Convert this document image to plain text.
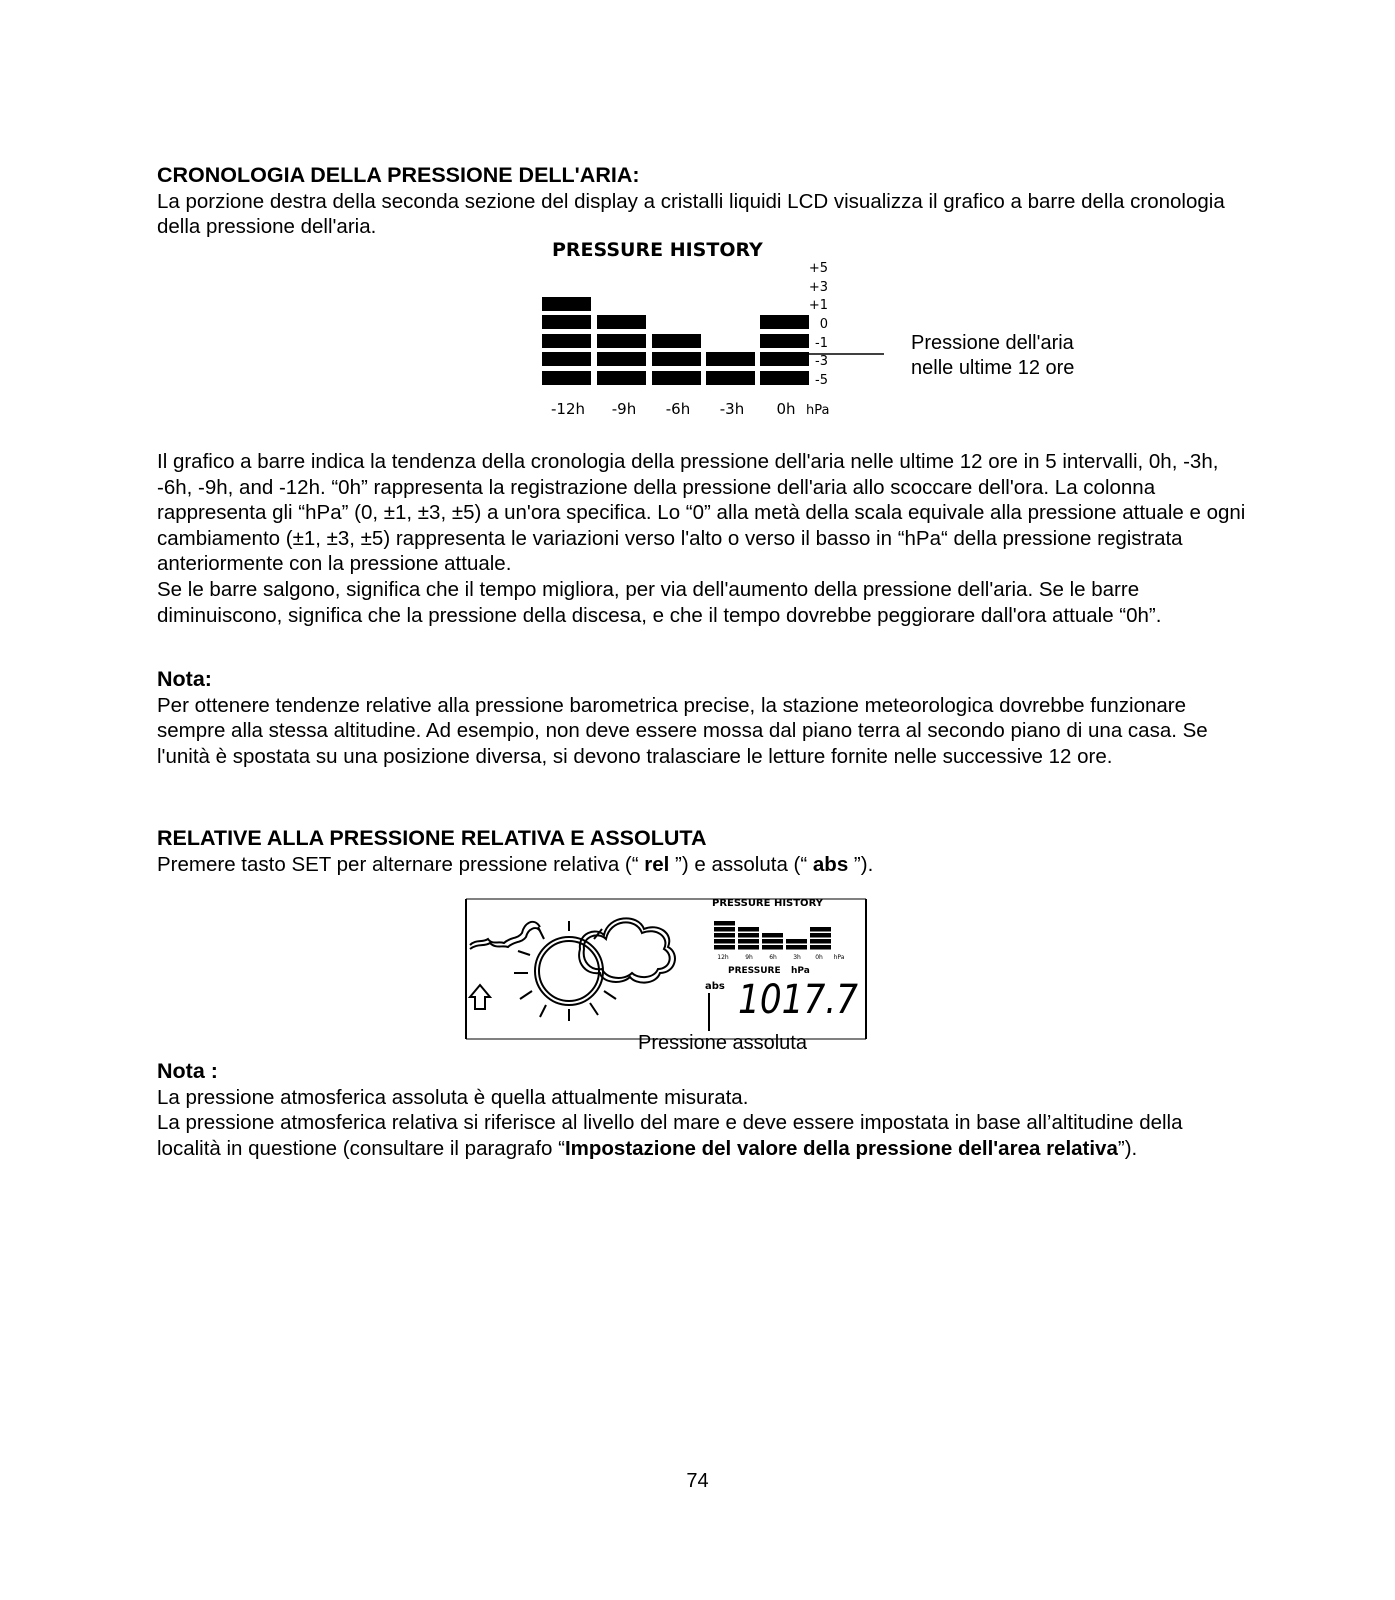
CRONOLOGIA DELLA PRESSIONE DELL'ARIA:

La porzione destra della seconda sezione del display a cristalli liquidi LCD visualizza il grafico a barre della cronologia della pressione dell'aria.

PRESSURE HISTORY
+5
+3
+1
0
-1
-3
-5
-12h -9h -6h -3h 0h hPa
Pressione dell'aria
nelle ultime 12 ore

Il grafico a barre indica la tendenza della cronologia della pressione dell'aria nelle ultime 12 ore in 5 intervalli, 0h, -3h, -6h, -9h, and -12h. “0h” rappresenta la registrazione della pressione dell'aria allo scoccare dell'ora. La colonna rappresenta gli “hPa” (0, ±1, ±3, ±5) a un'ora specifica. Lo “0” alla metà della scala equivale alla pressione attuale e ogni cambiamento (±1, ±3, ±5) rappresenta le variazioni verso l'alto o verso il basso in “hPa“ della pressione registrata anteriormente con la pressione attuale.

Se le barre salgono, significa che il tempo migliora, per via dell'aumento della pressione dell'aria. Se le barre diminuiscono, significa che la pressione della discesa, e che il tempo dovrebbe peggiorare dall'ora attuale “0h”.

Nota:

Per ottenere tendenze relative alla pressione barometrica precise, la stazione meteorologica dovrebbe funzionare sempre alla stessa altitudine. Ad esempio, non deve essere mossa dal piano terra al secondo piano di una casa. Se l'unità è spostata su una posizione diversa, si devono tralasciare le letture fornite nelle successive 12 ore.

RELATIVE ALLA PRESSIONE RELATIVA E ASSOLUTA

Premere tasto SET per alternare pressione relativa (“ rel ”) e assoluta (“ abs ”).

PRESSURE HISTORY
12h	9h	6h	3h 0h hPa
PRESSURE hPa
abs 1017.7
Pressione assoluta

Nota :

La pressione atmosferica assoluta è quella attualmente misurata.

La pressione atmosferica relativa si riferisce al livello del mare e deve essere impostata in base all’altitudine della località in questione (consultare il paragrafo “Impostazione del valore della pressione dell'area relativa”).

74
